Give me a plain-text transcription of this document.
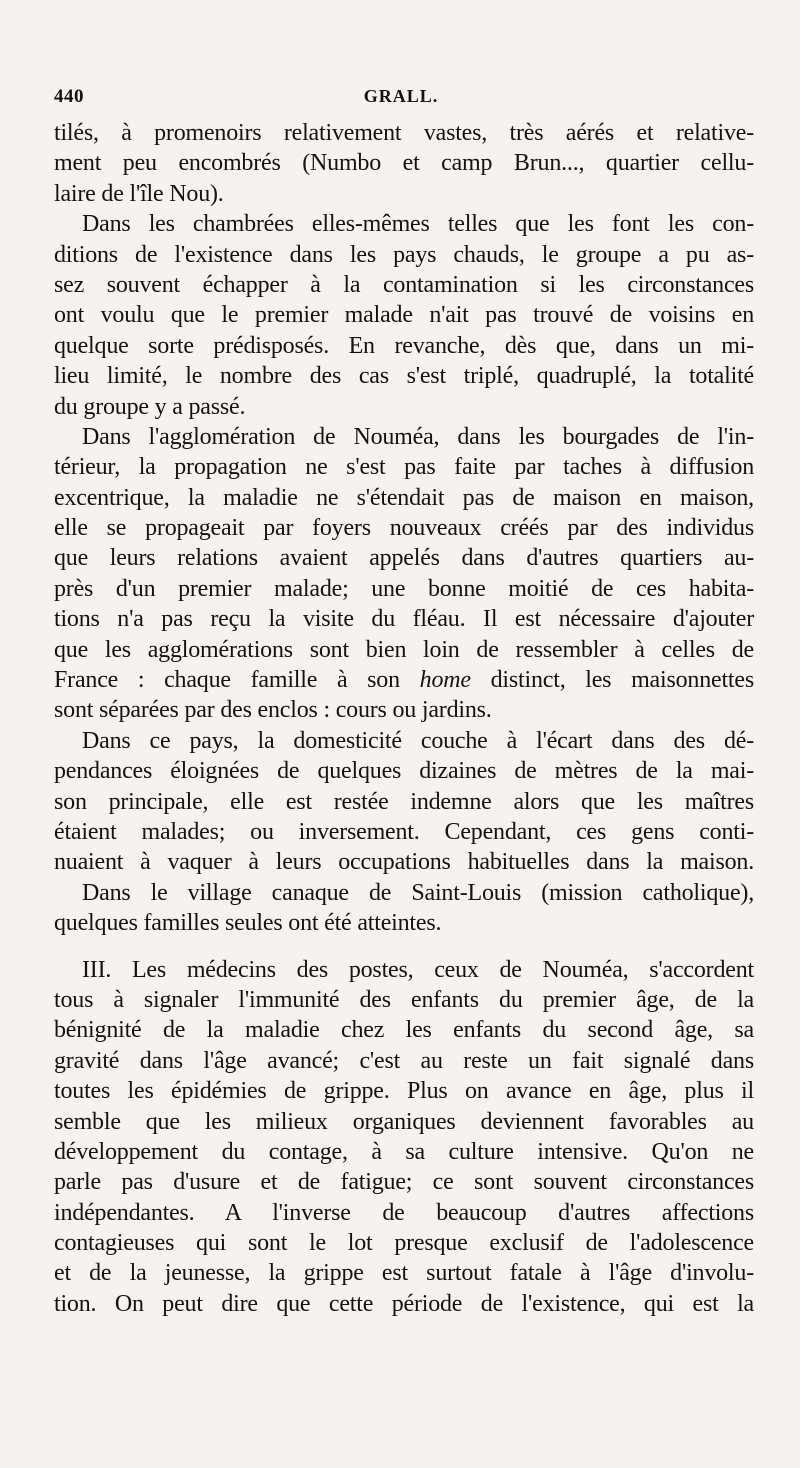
440	GRALL.
tilés, à promenoirs relativement vastes, très aérés et relative-
ment peu encombrés (Numbo et camp Brun..., quartier cellu-
laire de l'île Nou).
Dans les chambrées elles-mêmes telles que les font les con-
ditions de l'existence dans les pays chauds, le groupe a pu as-
sez souvent échapper à la contamination si les circonstances
ont voulu que le premier malade n'ait pas trouvé de voisins en
quelque sorte prédisposés. En revanche, dès que, dans un mi-
lieu limité, le nombre des cas s'est triplé, quadruplé, la totalité
du groupe y a passé.
Dans l'agglomération de Nouméa, dans les bourgades de l'in-
térieur, la propagation ne s'est pas faite par taches à diffusion
excentrique, la maladie ne s'étendait pas de maison en maison,
elle se propageait par foyers nouveaux créés par des individus
que leurs relations avaient appelés dans d'autres quartiers au-
près d'un premier malade; une bonne moitié de ces habita-
tions n'a pas reçu la visite du fléau. Il est nécessaire d'ajouter
que les agglomérations sont bien loin de ressembler à celles de
France : chaque famille à son home distinct, les maisonnettes
sont séparées par des enclos : cours ou jardins.
Dans ce pays, la domesticité couche à l'écart dans des dé-
pendances éloignées de quelques dizaines de mètres de la mai-
son principale, elle est restée indemne alors que les maîtres
étaient malades; ou inversement. Cependant, ces gens conti-
nuaient à vaquer à leurs occupations habituelles dans la maison.
Dans le village canaque de Saint-Louis (mission catholique),
quelques familles seules ont été atteintes.
III. Les médecins des postes, ceux de Nouméa, s'accordent
tous à signaler l'immunité des enfants du premier âge, de la
bénignité de la maladie chez les enfants du second âge, sa
gravité dans l'âge avancé; c'est au reste un fait signalé dans
toutes les épidémies de grippe. Plus on avance en âge, plus il
semble que les milieux organiques deviennent favorables au
développement du contage, à sa culture intensive. Qu'on ne
parle pas d'usure et de fatigue; ce sont souvent circonstances
indépendantes. A l'inverse de beaucoup d'autres affections
contagieuses qui sont le lot presque exclusif de l'adolescence
et de la jeunesse, la grippe est surtout fatale à l'âge d'involu-
tion. On peut dire que cette période de l'existence, qui est la
